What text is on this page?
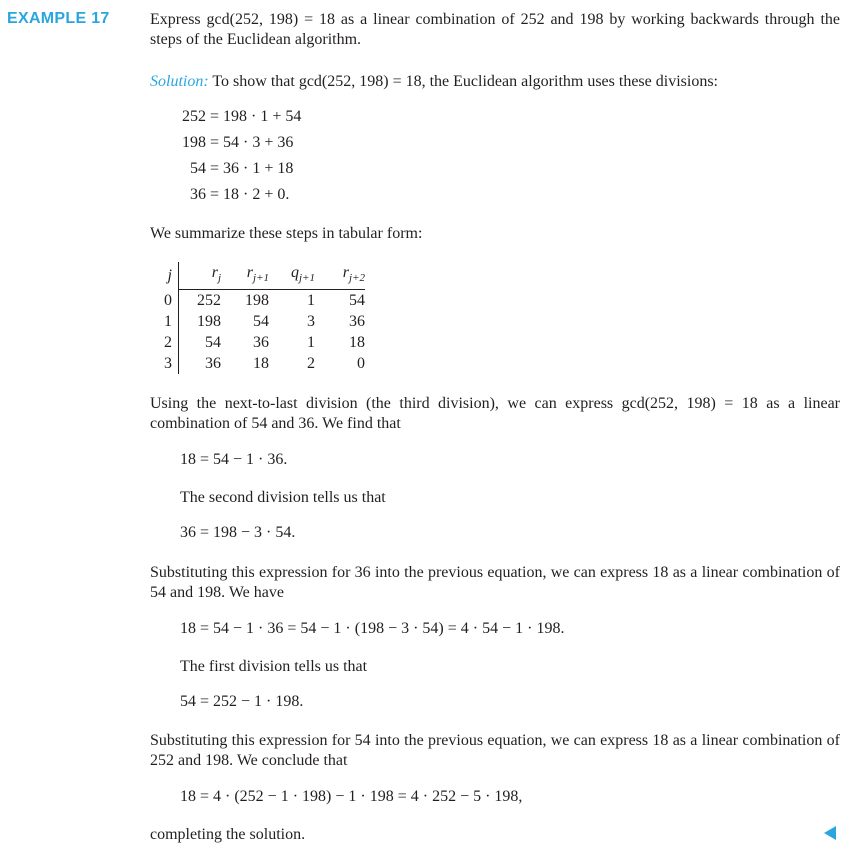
EXAMPLE 17	Express gcd(252, 198) = 18 as a linear combination of 252 and 198 by working backwards through the steps of the Euclidean algorithm.
Solution: To show that gcd(252, 198) = 18, the Euclidean algorithm uses these divisions:
252 = 198 · 1 + 54
198 = 54 · 3 + 36
54 = 36 · 1 + 18
36 = 18 · 2 + 0.
We summarize these steps in tabular form:
j	$r_j$	$r_{j+1}$	$q_{j+1}$	$r_{j+2}$
0	252	198	1	54
1	198	54	3	36
2	54	36	1	18
3	36	18	2	0
Using the next-to-last division (the third division), we can express gcd(252, 198) = 18 as a linear combination of 54 and 36. We find that
18 = 54 − 1 · 36.
The second division tells us that
36 = 198 − 3 · 54.
Substituting this expression for 36 into the previous equation, we can express 18 as a linear combination of 54 and 198. We have
18 = 54 − 1 · 36 = 54 − 1 · (198 − 3 · 54) = 4 · 54 − 1 · 198.
The first division tells us that
54 = 252 − 1 · 198.
Substituting this expression for 54 into the previous equation, we can express 18 as a linear combination of 252 and 198. We conclude that
18 = 4 · (252 − 1 · 198) − 1 · 198 = 4 · 252 − 5 · 198,
completing the solution.
